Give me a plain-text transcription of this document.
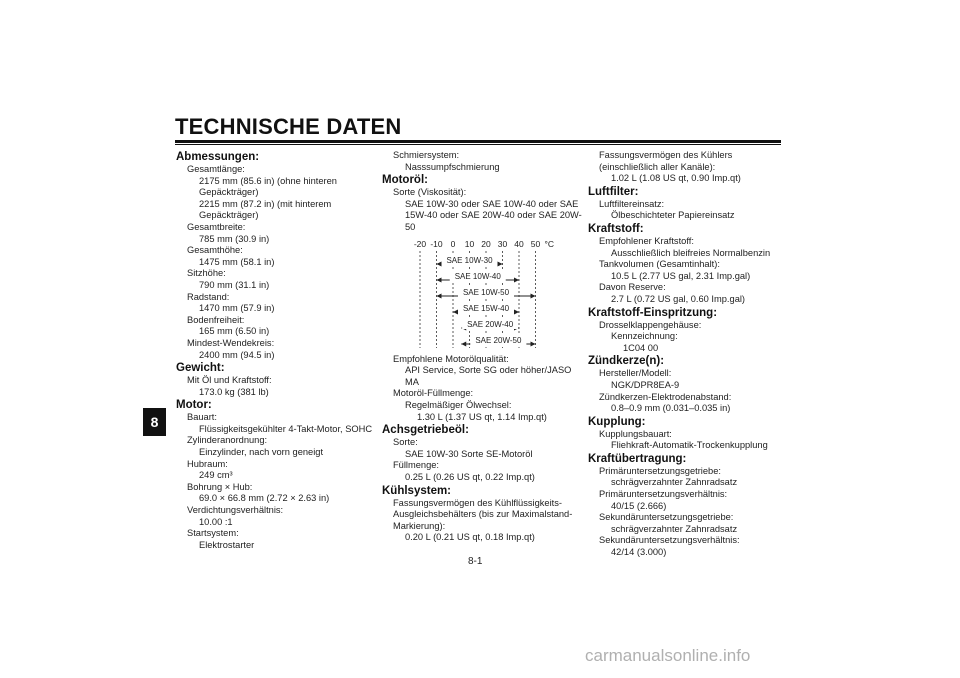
TECHNISCHE DATEN
8
Abmessungen:
Gesamtlänge:
2175 mm (85.6 in) (ohne hinteren
Gepäckträger)
2215 mm (87.2 in) (mit hinterem
Gepäckträger)
Gesamtbreite:
785 mm (30.9 in)
Gesamthöhe:
1475 mm (58.1 in)
Sitzhöhe:
790 mm (31.1 in)
Radstand:
1470 mm (57.9 in)
Bodenfreiheit:
165 mm (6.50 in)
Mindest-Wendekreis:
2400 mm (94.5 in)
Gewicht:
Mit Öl und Kraftstoff:
173.0 kg (381 lb)
Motor:
Bauart:
Flüssigkeitsgekühlter 4-Takt-Motor, SOHC
Zylinderanordnung:
Einzylinder, nach vorn geneigt
Hubraum:
249 cm³
Bohrung × Hub:
69.0 × 66.8 mm (2.72 × 2.63 in)
Verdichtungsverhältnis:
10.00 :1
Startsystem:
Elektrostarter
Schmiersystem:
Nasssumpfschmierung
Motoröl:
Sorte (Viskosität):
SAE 10W-30 oder SAE 10W-40 oder SAE
15W-40 oder SAE 20W-40 oder SAE 20W-
50
-20 -10 0 10 20 30 40 50 °C
SAE 10W-30
SAE 10W-40
SAE 10W-50
SAE 15W-40
SAE 20W-40
SAE 20W-50
Empfohlene Motorölqualität:
API Service, Sorte SG oder höher/JASO
MA
Motoröl-Füllmenge:
Regelmäßiger Ölwechsel:
1.30 L (1.37 US qt, 1.14 Imp.qt)
Achsgetriebeöl:
Sorte:
SAE 10W-30 Sorte SE-Motoröl
Füllmenge:
0.25 L (0.26 US qt, 0.22 Imp.qt)
Kühlsystem:
Fassungsvermögen des Kühlflüssigkeits-
Ausgleichsbehälters (bis zur Maximalstand-
Markierung):
0.20 L (0.21 US qt, 0.18 Imp.qt)
Fassungsvermögen des Kühlers
(einschließlich aller Kanäle):
1.02 L (1.08 US qt, 0.90 Imp.qt)
Luftfilter:
Luftfiltereinsatz:
Ölbeschichteter Papiereinsatz
Kraftstoff:
Empfohlener Kraftstoff:
Ausschließlich bleifreies Normalbenzin
Tankvolumen (Gesamtinhalt):
10.5 L (2.77 US gal, 2.31 Imp.gal)
Davon Reserve:
2.7 L (0.72 US gal, 0.60 Imp.gal)
Kraftstoff-Einspritzung:
Drosselklappengehäuse:
Kennzeichnung:
1C04 00
Zündkerze(n):
Hersteller/Modell:
NGK/DPR8EA-9
Zündkerzen-Elektrodenabstand:
0.8–0.9 mm (0.031–0.035 in)
Kupplung:
Kupplungsbauart:
Fliehkraft-Automatik-Trockenkupplung
Kraftübertragung:
Primäruntersetzungsgetriebe:
schrägverzahnter Zahnradsatz
Primäruntersetzungsverhältnis:
40/15 (2.666)
Sekundäruntersetzungsgetriebe:
schrägverzahnter Zahnradsatz
Sekundäruntersetzungsverhältnis:
42/14 (3.000)
8-1
carmanualsonline.info
